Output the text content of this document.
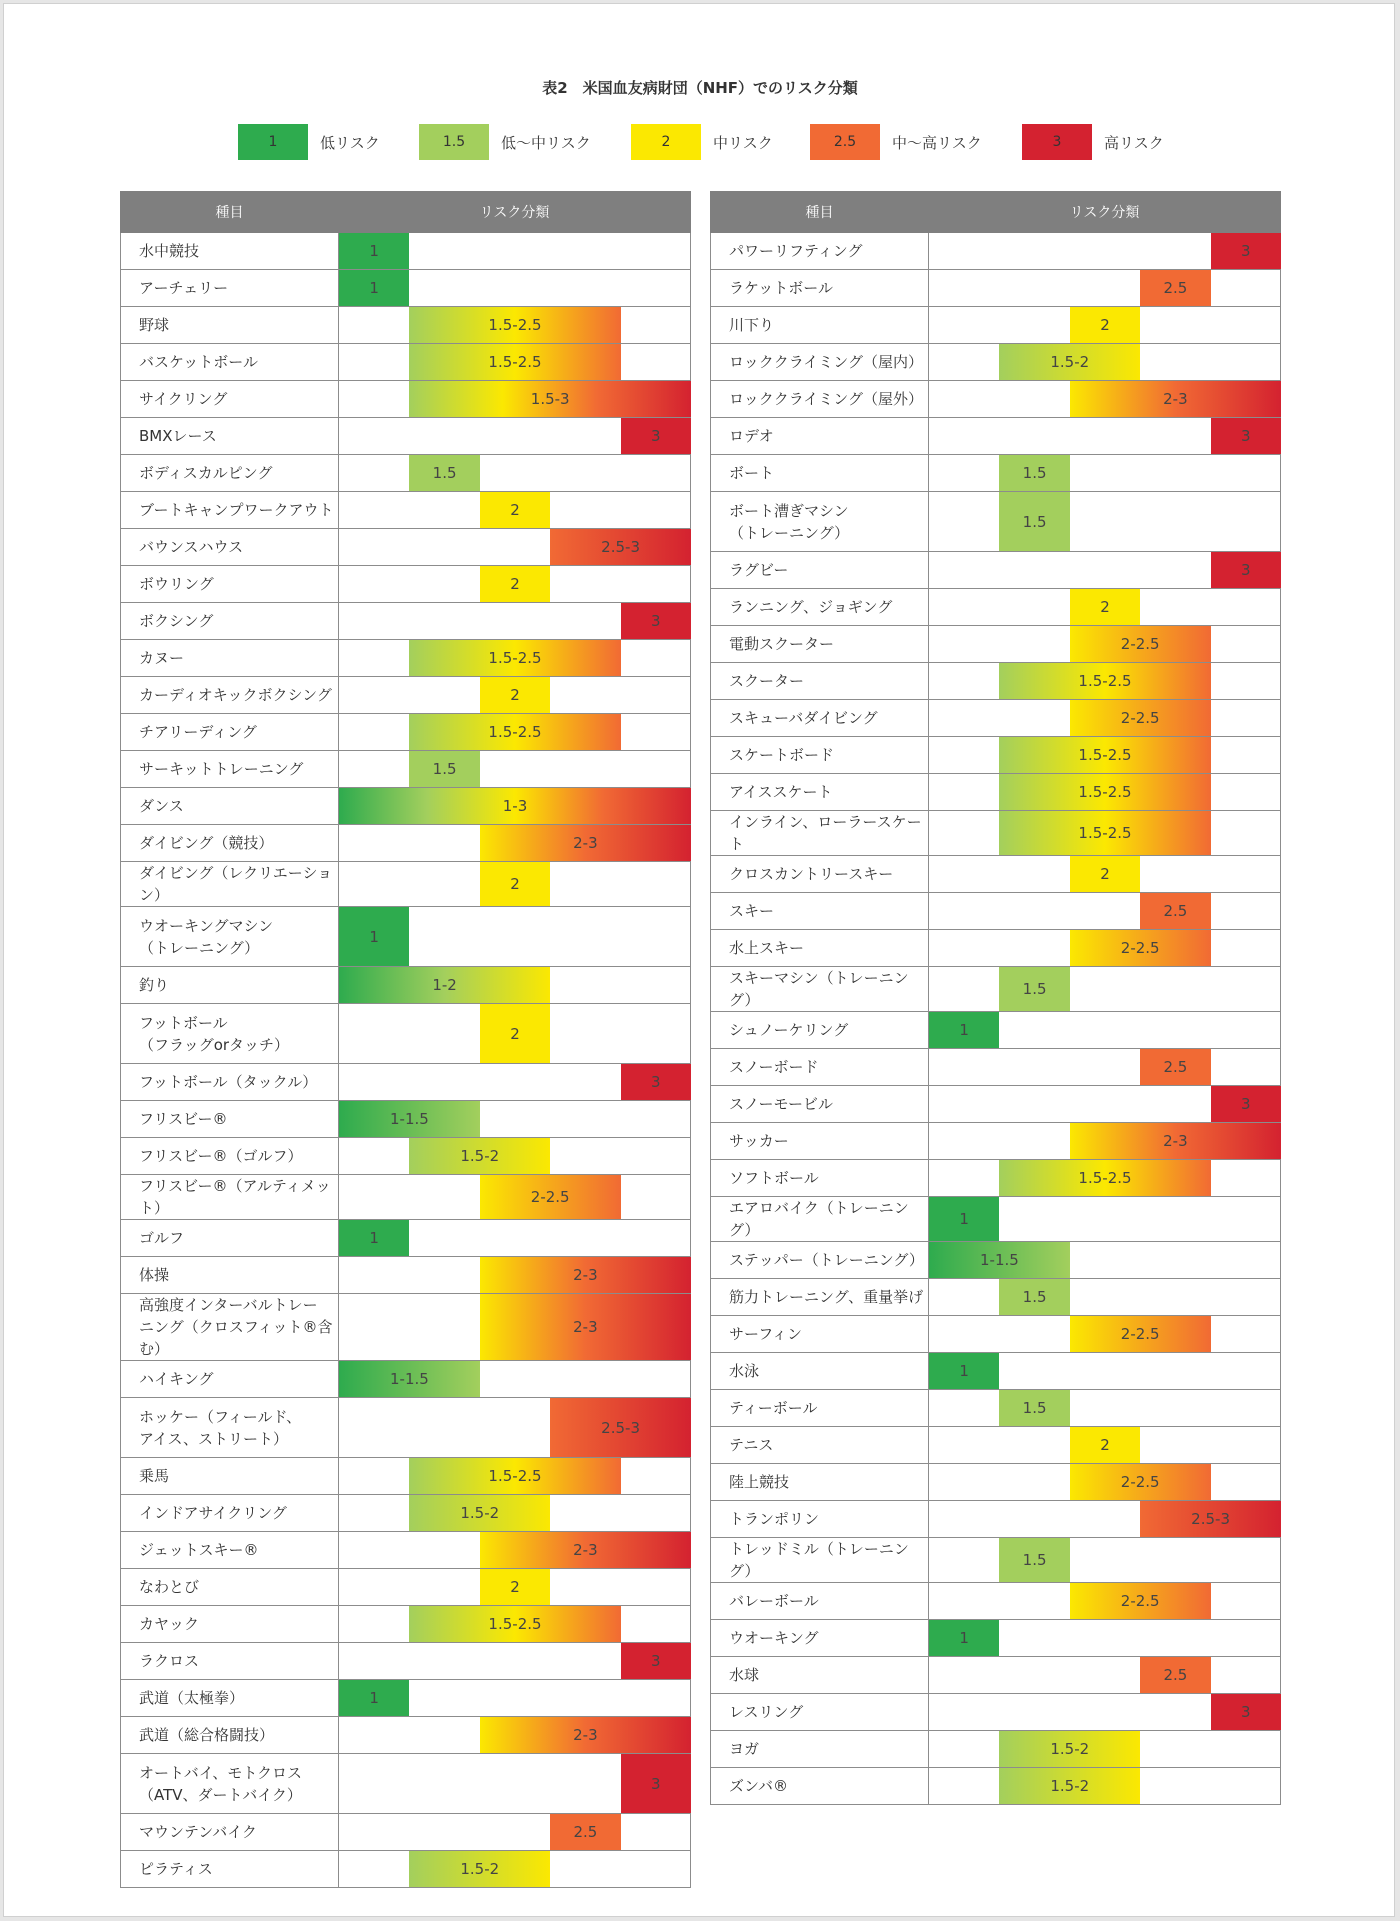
表2　米国血友病財団（NHF）でのリスク分類
1	低リスク	1.5	低〜中リスク	2	中リスク	2.5	中〜高リスク	3	高リスク
種目	リスク分類
水中競技	1

アーチェリー	1

野球	1.5-2.5

バスケットボール	1.5-2.5

サイクリング	1.5-3

BMXレース	3

ボディスカルピング	1.5

ブートキャンプワークアウト	2

バウンスハウス	2.5-3

ボウリング	2

ボクシング	3

カヌー	1.5-2.5

カーディオキックボクシング	2

チアリーディング	1.5-2.5

サーキットトレーニング	1.5

ダンス	1-3

ダイビング（競技）	2-3

ダイビング（レクリエーション）	2

ウオーキングマシン
（トレーニング）	1

釣り	1-2

フットボール
（フラッグorタッチ）	2

フットボール（タックル）	3

フリスビー®	1-1.5

フリスビー®（ゴルフ）	1.5-2

フリスビー®（アルティメット）	2-2.5

ゴルフ	1

体操	2-3

高強度インターバルトレー
ニング（クロスフィット®含む）	2-3

ハイキング	1-1.5

ホッケー（フィールド、
アイス、ストリート）	2.5-3

乗馬	1.5-2.5

インドアサイクリング	1.5-2

ジェットスキー®	2-3

なわとび	2

カヤック	1.5-2.5

ラクロス	3

武道（太極拳）	1

武道（総合格闘技）	2-3

オートバイ、モトクロス
（ATV、ダートバイク）	3

マウンテンバイク	2.5

ピラティス	1.5-2
種目	リスク分類
パワーリフティング	3

ラケットボール	2.5

川下り	2

ロッククライミング（屋内）	1.5-2

ロッククライミング（屋外）	2-3

ロデオ	3

ボート	1.5

ボート漕ぎマシン
（トレーニング）	1.5

ラグビー	3

ランニング、ジョギング	2

電動スクーター	2-2.5

スクーター	1.5-2.5

スキューバダイビング	2-2.5

スケートボード	1.5-2.5

アイススケート	1.5-2.5

インライン、ローラースケート	1.5-2.5

クロスカントリースキー	2

スキー	2.5

水上スキー	2-2.5

スキーマシン（トレーニング）	1.5

シュノーケリング	1

スノーボード	2.5

スノーモービル	3

サッカー	2-3

ソフトボール	1.5-2.5

エアロバイク（トレーニング）	1

ステッパー（トレーニング）	1-1.5

筋力トレーニング、重量挙げ	1.5

サーフィン	2-2.5

水泳	1

ティーボール	1.5

テニス	2

陸上競技	2-2.5

トランポリン	2.5-3

トレッドミル（トレーニング）	1.5

バレーボール	2-2.5

ウオーキング	1

水球	2.5

レスリング	3

ヨガ	1.5-2

ズンバ®	1.5-2
